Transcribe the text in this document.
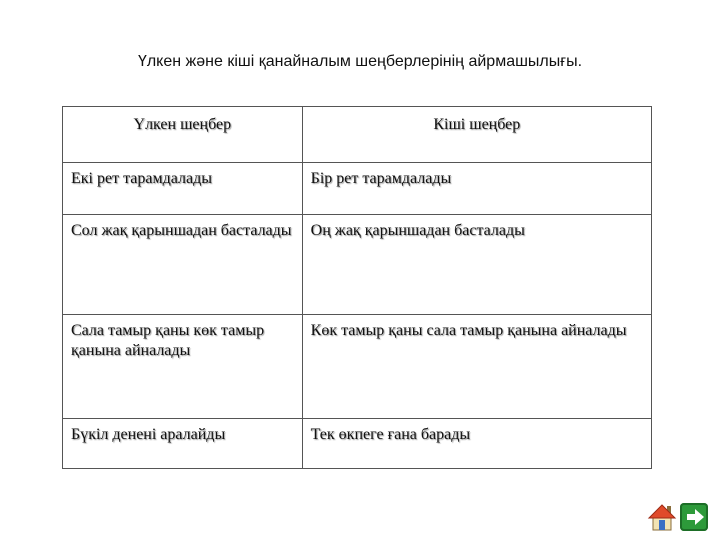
Үлкен және кіші қанайналым шеңберлерінің айрмашылығы.
Үлкен шеңбер	Кіші шеңбер
Екі рет тарамдалады	Бір рет тарамдалады
Сол жақ қарыншадан басталады	Оң жақ қарыншадан басталады
Сала тамыр қаны көк тамыр қанына айналады	Көк тамыр қаны сала тамыр қанына айналады
Бүкіл денені аралайды	Тек өкпеге ғана барады
